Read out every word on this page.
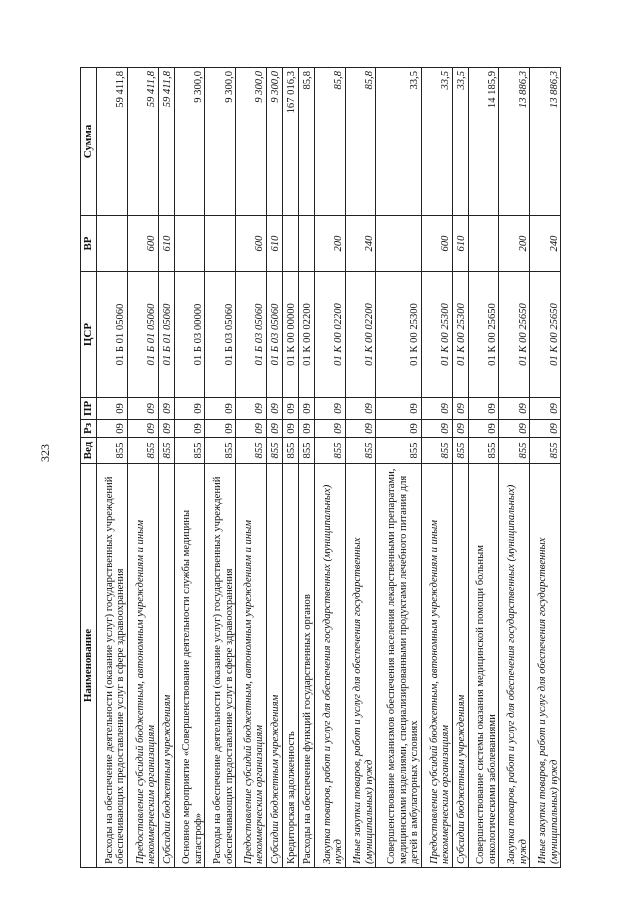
323
Наименование	Вед	Рз	ПР	ЦСР	ВР	Сумма
Расходы на обеспечение деятельности (оказание услуг) государственных учреждений обеспечивающих предоставление услуг в сфере здравоохранения	855	09	09	01 Б 01 05060		59 411,8
Предоставление субсидий бюджетным, автономным учреждениям и иным некоммерческим организациям	855	09	09	01 Б 01 05060	600	59 411,8
Субсидии бюджетным учреждениям	855	09	09	01 Б 01 05060	610	59 411,8
Основное мероприятие «Совершенствование деятельности службы медицины катастроф»	855	09	09	01 Б 03 00000		9 300,0
Расходы на обеспечение деятельности (оказание услуг) государственных учреждений обеспечивающих предоставление услуг в сфере здравоохранения	855	09	09	01 Б 03 05060		9 300,0
Предоставление субсидий бюджетным, автономным учреждениям и иным некоммерческим организациям	855	09	09	01 Б 03 05060	600	9 300,0
Субсидии бюджетным учреждениям	855	09	09	01 Б 03 05060	610	9 300,0
Кредиторская задолженность	855	09	09	01 К 00 00000		167 016,3
Расходы на обеспечение функций государственных органов	855	09	09	01 К 00 02200		85,8
Закупка товаров, работ и услуг для обеспечения государственных (муниципальных) нужд	855	09	09	01 К 00 02200	200	85,8
Иные закупки товаров, работ и услуг для обеспечения государственных (муниципальных) нужд	855	09	09	01 К 00 02200	240	85,8
Совершенствование механизмов обеспечения населения лекарственными препаратами, медицинскими изделиями, специализированными продуктами лечебного питания для детей в амбулаторных условиях	855	09	09	01 К 00 25300		33,5
Предоставление субсидий бюджетным, автономным учреждениям и иным некоммерческим организациям	855	09	09	01 К 00 25300	600	33,5
Субсидии бюджетным учреждениям	855	09	09	01 К 00 25300	610	33,5
Совершенствование системы оказания медицинской помощи больным онкологическими заболеваниями	855	09	09	01 К 00 25650		14 185,9
Закупка товаров, работ и услуг для обеспечения государственных (муниципальных) нужд	855	09	09	01 К 00 25650	200	13 886,3
Иные закупки товаров, работ и услуг для обеспечения государственных (муниципальных) нужд	855	09	09	01 К 00 25650	240	13 886,3
